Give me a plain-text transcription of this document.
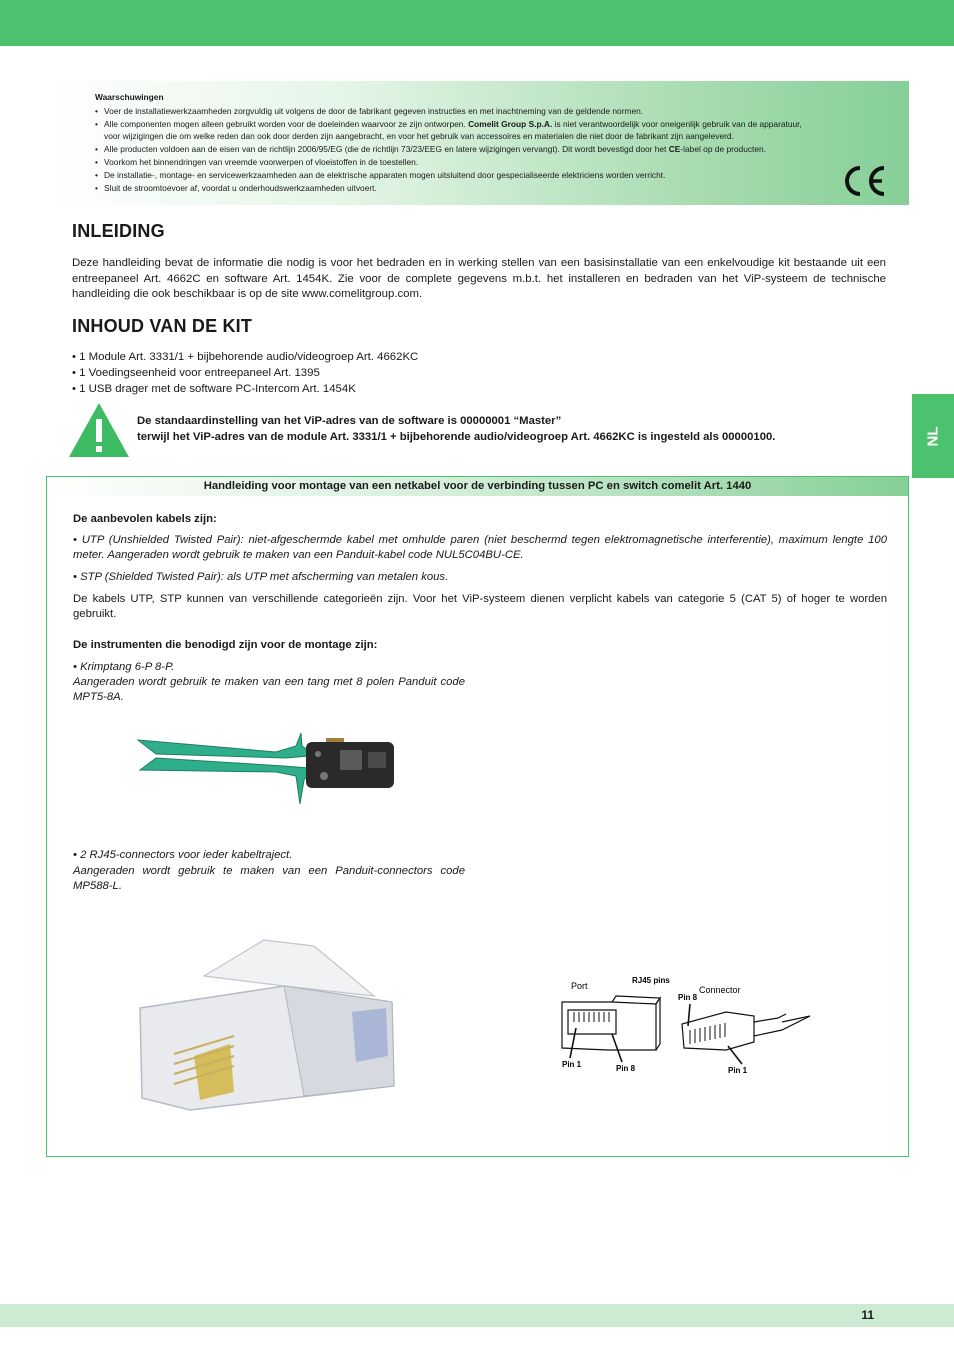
Waarschuwingen
• Voer de installatiewerkzaamheden zorgvuldig uit volgens de door de fabrikant gegeven instructies en met inachtneming van de geldende normen.
• Alle componenten mogen alleen gebruikt worden voor de doeleinden waarvoor ze zijn ontworpen. Comelit Group S.p.A. is niet verantwoordelijk voor oneigenlijk gebruik van de apparatuur, voor wijzigingen die om welke reden dan ook door derden zijn aangebracht, en voor het gebruik van accessoires en materialen die niet door de fabrikant zijn aangeleverd.
• Alle producten voldoen aan de eisen van de richtlijn 2006/95/EG (die de richtlijn 73/23/EEG en latere wijzigingen vervangt). Dit wordt bevestigd door het CE-label op de producten.
• Voorkom het binnendringen van vreemde voorwerpen of vloeistoffen in de toestellen.
• De installatie-, montage- en servicewerkzaamheden aan de elektrische apparaten mogen uitsluitend door gespecialiseerde elektriciens worden verricht.
• Sluit de stroomtoevoer af, voordat u onderhoudswerkzaamheden uitvoert.
INLEIDING

Deze handleiding bevat de informatie die nodig is voor het bedraden en in werking stellen van een basisinstallatie van een enkelvoudige kit bestaande uit een entreepaneel Art. 4662C en software Art. 1454K. Zie voor de complete gegevens m.b.t. het installeren en bedraden van het ViP-systeem de technische handleiding die ook beschikbaar is op de site www.comelitgroup.com.

INHOUD VAN DE KIT
• 1 Module Art. 3331/1 + bijbehorende audio/videogroep Art. 4662KC
• 1 Voedingseenheid voor entreepaneel Art. 1395
• 1 USB drager met de software PC-Intercom Art. 1454K
De standaardinstelling van het ViP-adres van de software is 00000001 “Master”
terwijl het ViP-adres van de module Art. 3331/1 + bijbehorende audio/videogroep Art. 4662KC is ingesteld als 00000100.	NL
Handleiding voor montage van een netkabel voor de verbinding tussen PC en switch comelit Art. 1440
De aanbevolen kabels zijn:
• UTP (Unshielded Twisted Pair): niet-afgeschermde kabel met omhulde paren (niet beschermd tegen elektromagnetische interferentie), maximum lengte 100 meter. Aangeraden wordt gebruik te maken van een Panduit-kabel code NUL5C04BU-CE.
• STP (Shielded Twisted Pair): als UTP met afscherming van metalen kous.
De kabels UTP, STP kunnen van verschillende categorieën zijn. Voor het ViP-systeem dienen verplicht kabels van categorie 5 (CAT 5) of hoger te worden gebruikt.
De instrumenten die benodigd zijn voor de montage zijn:
• Krimptang 6-P 8-P.
Aangeraden wordt gebruik te maken van een tang met 8 polen Panduit code MPT5-8A.
• 2 RJ45-connectors voor ieder kabeltraject.
Aangeraden wordt gebruik te maken van een Panduit-connectors code MP588-L.
RJ45 pins
Port	Connector
Pin 8
Pin 1	Pin 8	Pin 1
11
